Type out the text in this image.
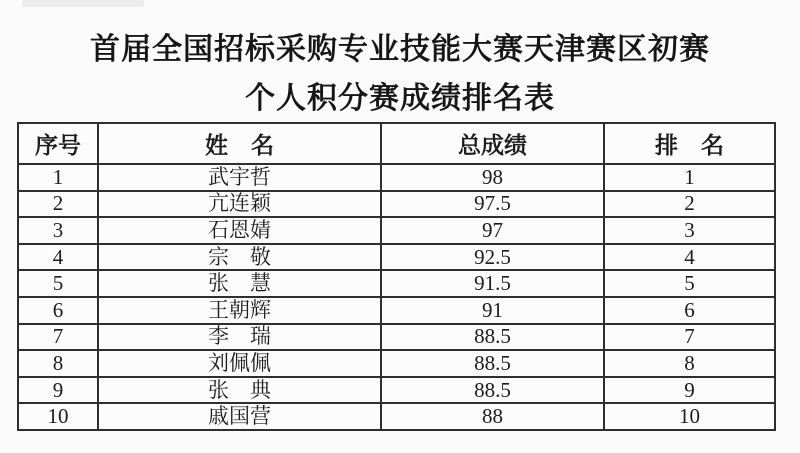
首届全国招标采购专业技能大赛天津赛区初赛
个人积分赛成绩排名表
序号	姓　名	总成绩	排　名
1	武宇哲	98	1
2	亢连颖	97.5	2
3	石恩婧	97	3
4	宗　敬	92.5	4
5	张　慧	91.5	5
6	王朝辉	91	6
7	李　瑞	88.5	7
8	刘佩佩	88.5	8
9	张　典	88.5	9
10	戚国营	88	10
